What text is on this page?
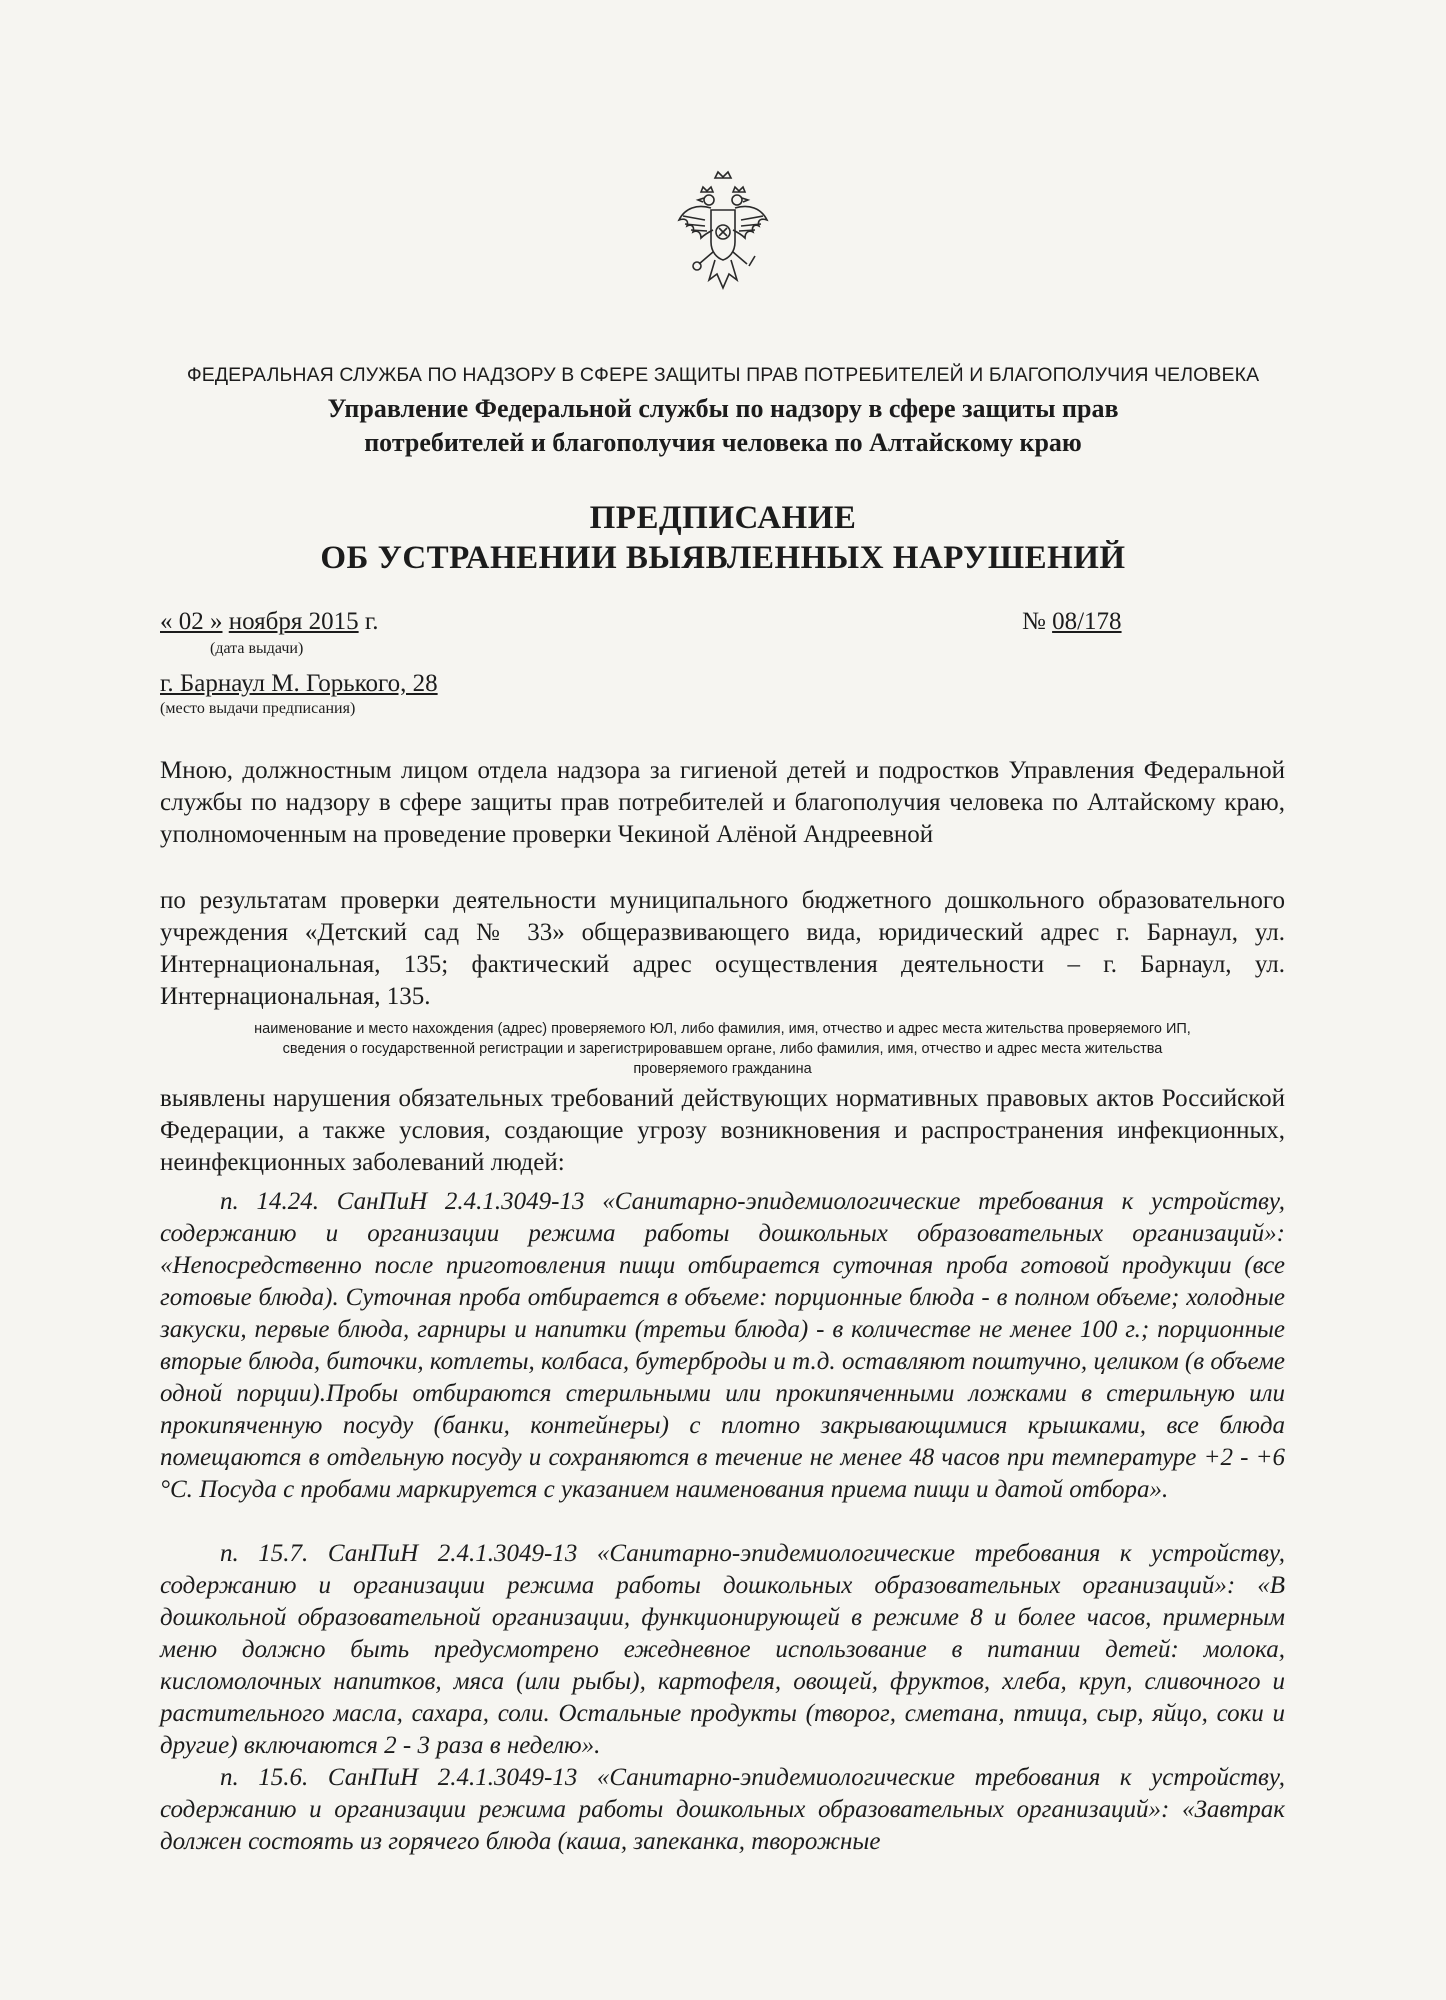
ФЕДЕРАЛЬНАЯ СЛУЖБА ПО НАДЗОРУ В СФЕРЕ ЗАЩИТЫ ПРАВ ПОТРЕБИТЕЛЕЙ И БЛАГОПОЛУЧИЯ ЧЕЛОВЕКА
Управление Федеральной службы по надзору в сфере защиты прав
потребителей и благополучия человека по Алтайскому краю
ПРЕДПИСАНИЕ
ОБ УСТРАНЕНИИ ВЫЯВЛЕННЫХ НАРУШЕНИЙ
« 02 » ноября 2015 г.
(дата выдачи)
№ 08/178
г. Барнаул М. Горького, 28
(место выдачи предписания)
Мною, должностным лицом отдела надзора за гигиеной детей и подростков Управления Федеральной службы по надзору в сфере защиты прав потребителей и благополучия человека по Алтайскому краю, уполномоченным на проведение проверки Чекиной Алёной Андреевной
по результатам проверки деятельности муниципального бюджетного дошкольного образовательного учреждения «Детский сад № 33» общеразвивающего вида, юридический адрес г. Барнаул, ул. Интернациональная, 135; фактический адрес осуществления деятельности – г. Барнаул, ул. Интернациональная, 135.
наименование и место нахождения (адрес) проверяемого ЮЛ, либо фамилия, имя, отчество и адрес места жительства проверяемого ИП,
сведения о государственной регистрации и зарегистрировавшем органе, либо фамилия, имя, отчество и адрес места жительства
проверяемого гражданина
выявлены нарушения обязательных требований действующих нормативных правовых актов Российской Федерации, а также условия, создающие угрозу возникновения и распространения инфекционных, неинфекционных заболеваний людей:
п. 14.24. СанПиН 2.4.1.3049-13 «Санитарно-эпидемиологические требования к устройству, содержанию и организации режима работы дошкольных образовательных организаций»: «Непосредственно после приготовления пищи отбирается суточная проба готовой продукции (все готовые блюда). Суточная проба отбирается в объеме: порционные блюда - в полном объеме; холодные закуски, первые блюда, гарниры и напитки (третьи блюда) - в количестве не менее 100 г.; порционные вторые блюда, биточки, котлеты, колбаса, бутерброды и т.д. оставляют поштучно, целиком (в объеме одной порции).Пробы отбираются стерильными или прокипяченными ложками в стерильную или прокипяченную посуду (банки, контейнеры) с плотно закрывающимися крышками, все блюда помещаются в отдельную посуду и сохраняются в течение не менее 48 часов при температуре +2 - +6 °С. Посуда с пробами маркируется с указанием наименования приема пищи и датой отбора».
п. 15.7. СанПиН 2.4.1.3049-13 «Санитарно-эпидемиологические требования к устройству, содержанию и организации режима работы дошкольных образовательных организаций»: «В дошкольной образовательной организации, функционирующей в режиме 8 и более часов, примерным меню должно быть предусмотрено ежедневное использование в питании детей: молока, кисломолочных напитков, мяса (или рыбы), картофеля, овощей, фруктов, хлеба, круп, сливочного и растительного масла, сахара, соли. Остальные продукты (творог, сметана, птица, сыр, яйцо, соки и другие) включаются 2 - 3 раза в неделю».
п. 15.6. СанПиН 2.4.1.3049-13 «Санитарно-эпидемиологические требования к устройству, содержанию и организации режима работы дошкольных образовательных организаций»: «Завтрак должен состоять из горячего блюда (каша, запеканка, творожные
